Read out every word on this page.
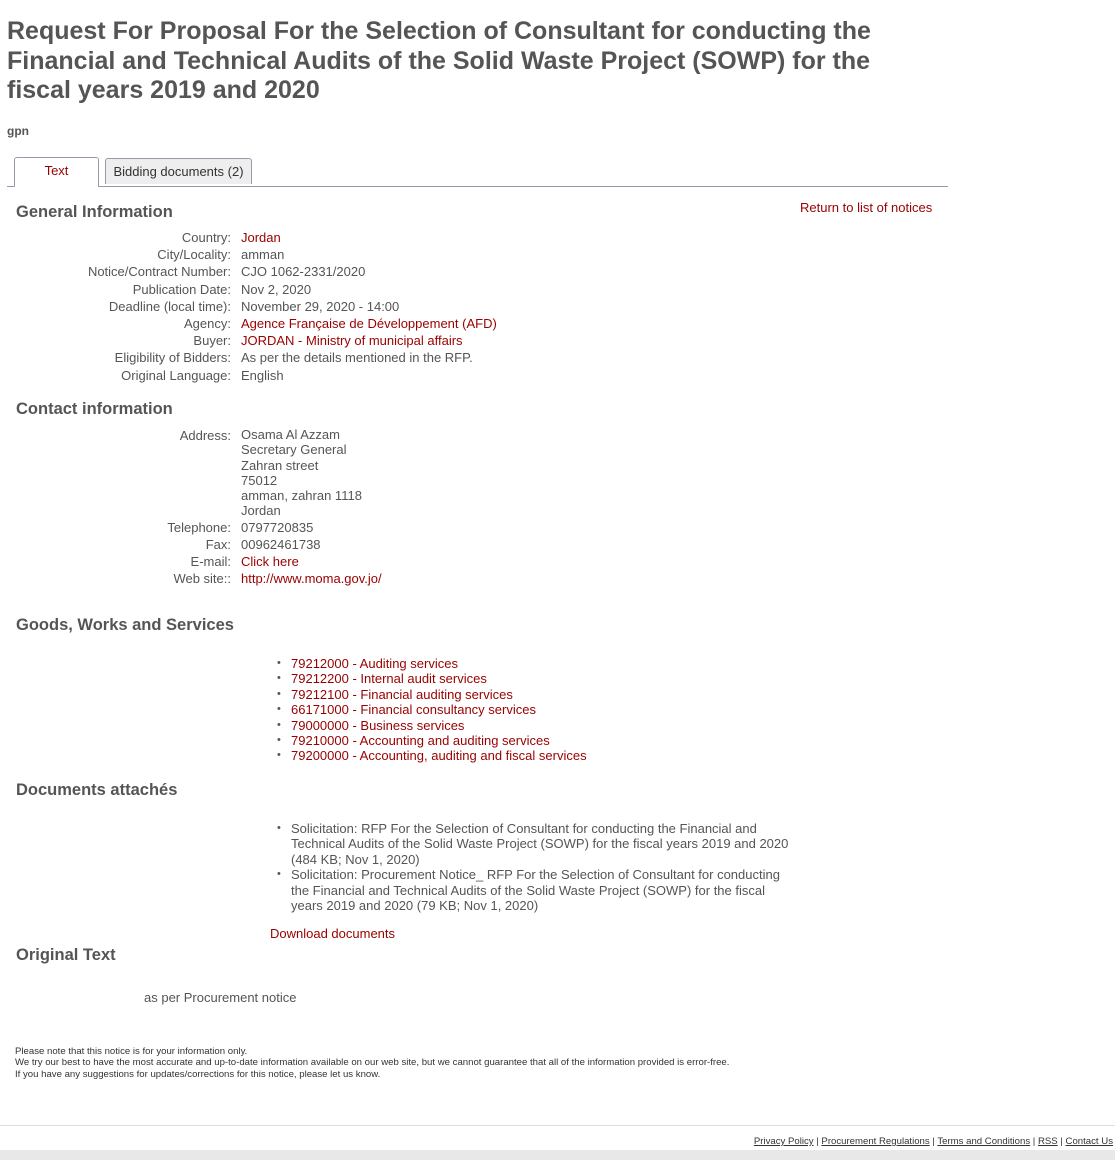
Request For Proposal For the Selection of Consultant for conducting the Financial and Technical Audits of the Solid Waste Project (SOWP) for the fiscal years 2019 and 2020
gpn
Text	Bidding documents (2)
Return to list of notices
General Information
Country: Jordan
City/Locality: amman
Notice/Contract Number: CJO 1062-2331/2020
Publication Date: Nov 2, 2020
Deadline (local time): November 29, 2020 - 14:00
Agency: Agence Française de Développement (AFD)
Buyer: JORDAN - Ministry of municipal affairs
Eligibility of Bidders: As per the details mentioned in the RFP.
Original Language: English
Contact information
Address: Osama Al Azzam
Secretary General
Zahran street
75012
amman, zahran 1118
Jordan
Telephone: 0797720835
Fax: 00962461738
E-mail: Click here
Web site:: http://www.moma.gov.jo/
Goods, Works and Services
• 79212000 - Auditing services
• 79212200 - Internal audit services
• 79212100 - Financial auditing services
• 66171000 - Financial consultancy services
• 79000000 - Business services
• 79210000 - Accounting and auditing services
• 79200000 - Accounting, auditing and fiscal services
Documents attachés
• Solicitation: RFP For the Selection of Consultant for conducting the Financial and Technical Audits of the Solid Waste Project (SOWP) for the fiscal years 2019 and 2020 (484 KB; Nov 1, 2020)
• Solicitation: Procurement Notice_ RFP For the Selection of Consultant for conducting the Financial and Technical Audits of the Solid Waste Project (SOWP) for the fiscal years 2019 and 2020 (79 KB; Nov 1, 2020)
Download documents
Original Text
as per Procurement notice
Please note that this notice is for your information only.
We try our best to have the most accurate and up-to-date information available on our web site, but we cannot guarantee that all of the information provided is error-free.
If you have any suggestions for updates/corrections for this notice, please let us know.
Privacy Policy | Procurement Regulations | Terms and Conditions | RSS | Contact Us
